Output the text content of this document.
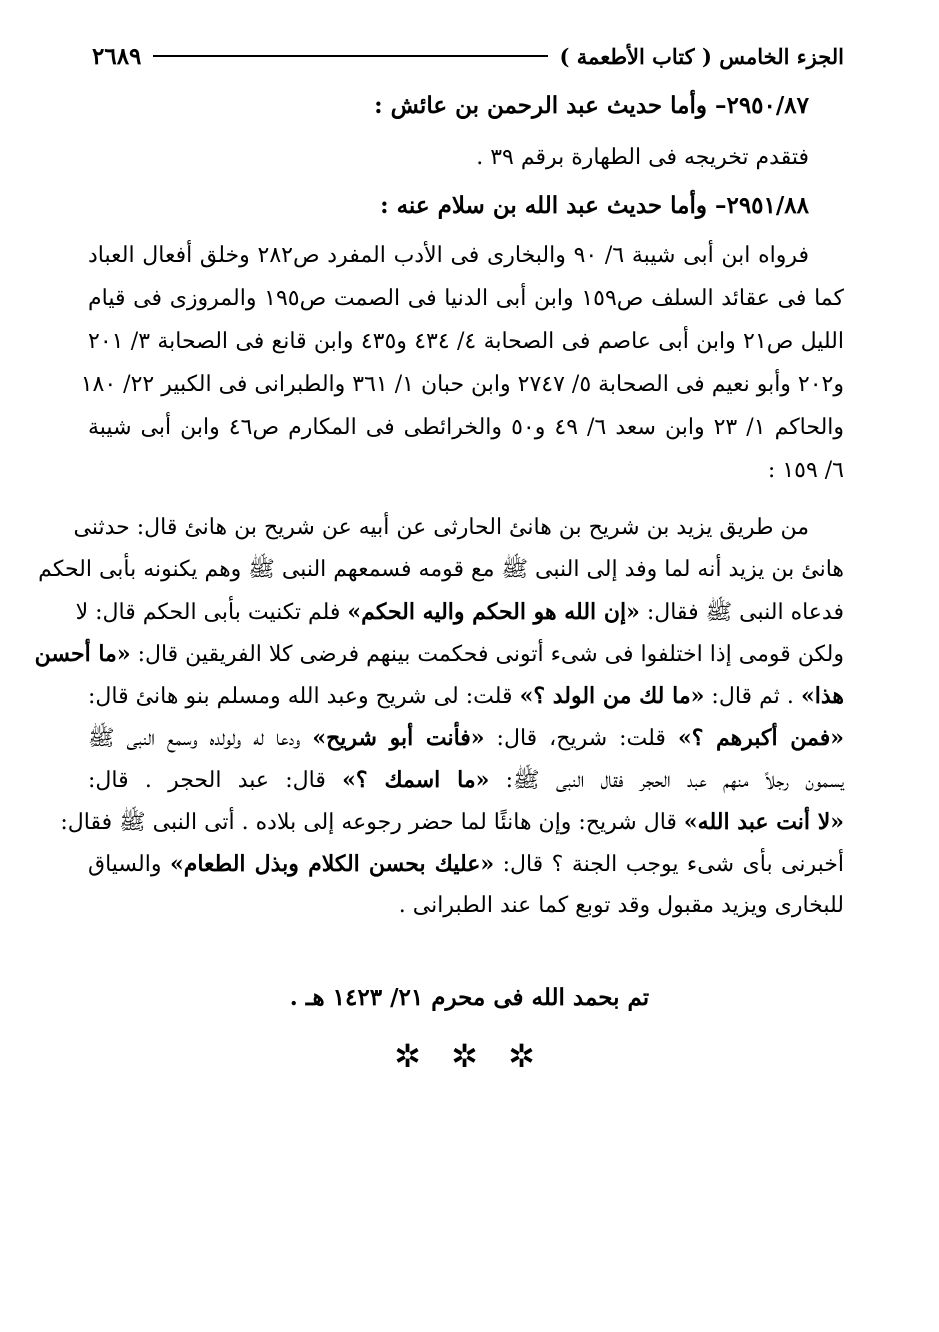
٢٦٨٩	الجزء الخامس ( كتاب الأطعمة )
٢٩٥٠/٨٧– وأما حديث عبد الرحمن بن عائش :
فتقدم تخريجه فى الطهارة برقم ٣٩ .
٢٩٥١/٨٨– وأما حديث عبد الله بن سلام عنه :
فرواه ابن أبى شيبة ٦/ ٩٠ والبخارى فى الأدب المفرد ص٢٨٢ وخلق أفعال العباد
كما فى عقائد السلف ص١٥٩ وابن أبى الدنيا فى الصمت ص١٩٥ والمروزى فى قيام
الليل ص٢١ وابن أبى عاصم فى الصحابة ٤/ ٤٣٤ و٤٣٥ وابن قانع فى الصحابة ٣/ ٢٠١
و٢٠٢ وأبو نعيم فى الصحابة ٥/ ٢٧٤٧ وابن حبان ١/ ٣٦١ والطبرانى فى الكبير ٢٢/ ١٨٠
والحاكم ١/ ٢٣ وابن سعد ٦/ ٤٩ و٥٠ والخرائطى فى المكارم ص٤٦ وابن أبى شيبة
٦/ ١٥٩ :
من طريق يزيد بن شريح بن هانئ الحارثى عن أبيه عن شريح بن هانئ قال: حدثنى
هانئ بن يزيد أنه لما وفد إلى النبى ﷺ مع قومه فسمعهم النبى ﷺ وهم يكنونه بأبى الحكم
فدعاه النبى ﷺ فقال: «إن الله هو الحكم واليه الحكم» فلم تكنيت بأبى الحكم قال: لا
ولكن قومى إذا اختلفوا فى شىء أتونى فحكمت بينهم فرضى كلا الفريقين قال: «ما أحسن
هذا» . ثم قال: «ما لك من الولد ؟» قلت: لى شريح وعبد الله ومسلم بنو هانئ قال:
«فمن أكبرهم ؟» قلت: شريح، قال: «فأنت أبو شريح» ودعا له ولولده وسمع النبى ﷺ
يسمون رجلاً منهم عبد الحجر فقال النبى ﷺ: «ما اسمك ؟» قال: عبد الحجر . قال:
«لا أنت عبد الله» قال شريح: وإن هانئًا لما حضر رجوعه إلى بلاده . أتى النبى ﷺ فقال:
أخبرنى بأى شىء يوجب الجنة ؟ قال: «عليك بحسن الكلام وبذل الطعام» والسياق
للبخارى ويزيد مقبول وقد توبع كما عند الطبرانى .
تم بحمد الله فى محرم ٢١/ ١٤٢٣ هـ .
✲ ✲ ✲
